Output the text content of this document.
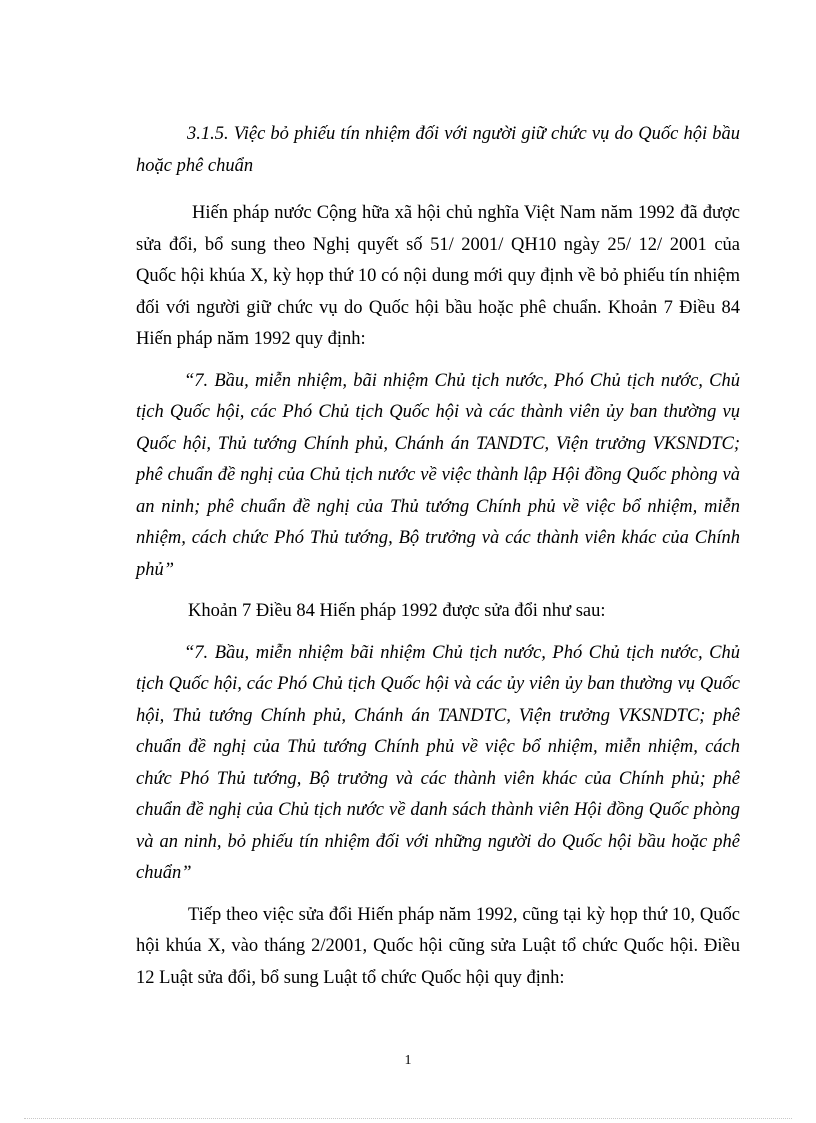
3.1.5. Việc bỏ phiếu tín nhiệm đối với người giữ chức vụ do Quốc hội bầu hoặc phê chuẩn

Hiến pháp nước Cộng hữa xã hội chủ nghĩa Việt Nam năm 1992 đã được sửa đổi, bổ sung theo Nghị quyết số 51/ 2001/ QH10 ngày 25/ 12/ 2001 của Quốc hội khúa X, kỳ họp thứ 10 có nội dung mới quy định về bỏ phiếu tín nhiệm đối với người giữ chức vụ do Quốc hội bầu hoặc phê chuẩn. Khoản 7 Điều 84 Hiến pháp năm 1992 quy định:

“7. Bầu, miễn nhiệm, bãi nhiệm Chủ tịch nước, Phó Chủ tịch nước, Chủ tịch Quốc hội, các Phó Chủ tịch Quốc hội và các thành viên ủy ban thường vụ Quốc hội, Thủ tướng Chính phủ, Chánh án TANDTC, Viện trưởng VKSNDTC; phê chuẩn đề nghị của Chủ tịch nước về việc thành lập Hội đồng Quốc phòng và an ninh; phê chuẩn đề nghị của Thủ tướng Chính phủ về việc bổ nhiệm, miễn nhiệm, cách chức Phó Thủ tướng, Bộ trưởng và các thành viên khác của Chính phủ”

Khoản 7 Điều 84 Hiến pháp 1992 được sửa đổi như sau:

“7. Bầu, miễn nhiệm bãi nhiệm Chủ tịch nước, Phó Chủ tịch nước, Chủ tịch Quốc hội, các Phó Chủ tịch Quốc hội và các ủy viên ủy ban thường vụ Quốc hội, Thủ tướng Chính phủ, Chánh án TANDTC, Viện trưởng VKSNDTC; phê chuẩn đề nghị của Thủ tướng Chính phủ về việc bổ nhiệm, miễn nhiệm, cách chức Phó Thủ tướng, Bộ trưởng và các thành viên khác của Chính phủ; phê chuẩn đề nghị của Chủ tịch nước về danh sách thành viên Hội đồng Quốc phòng và an ninh, bỏ phiếu tín nhiệm đối với những người do Quốc hội bầu hoặc phê chuẩn”

Tiếp theo việc sửa đổi Hiến pháp năm 1992, cũng tại kỳ họp thứ 10, Quốc hội khúa X, vào tháng 2/2001, Quốc hội cũng sửa Luật tổ chức Quốc hội. Điều 12 Luật sửa đổi, bổ sung Luật tổ chức Quốc hội quy định:

1
